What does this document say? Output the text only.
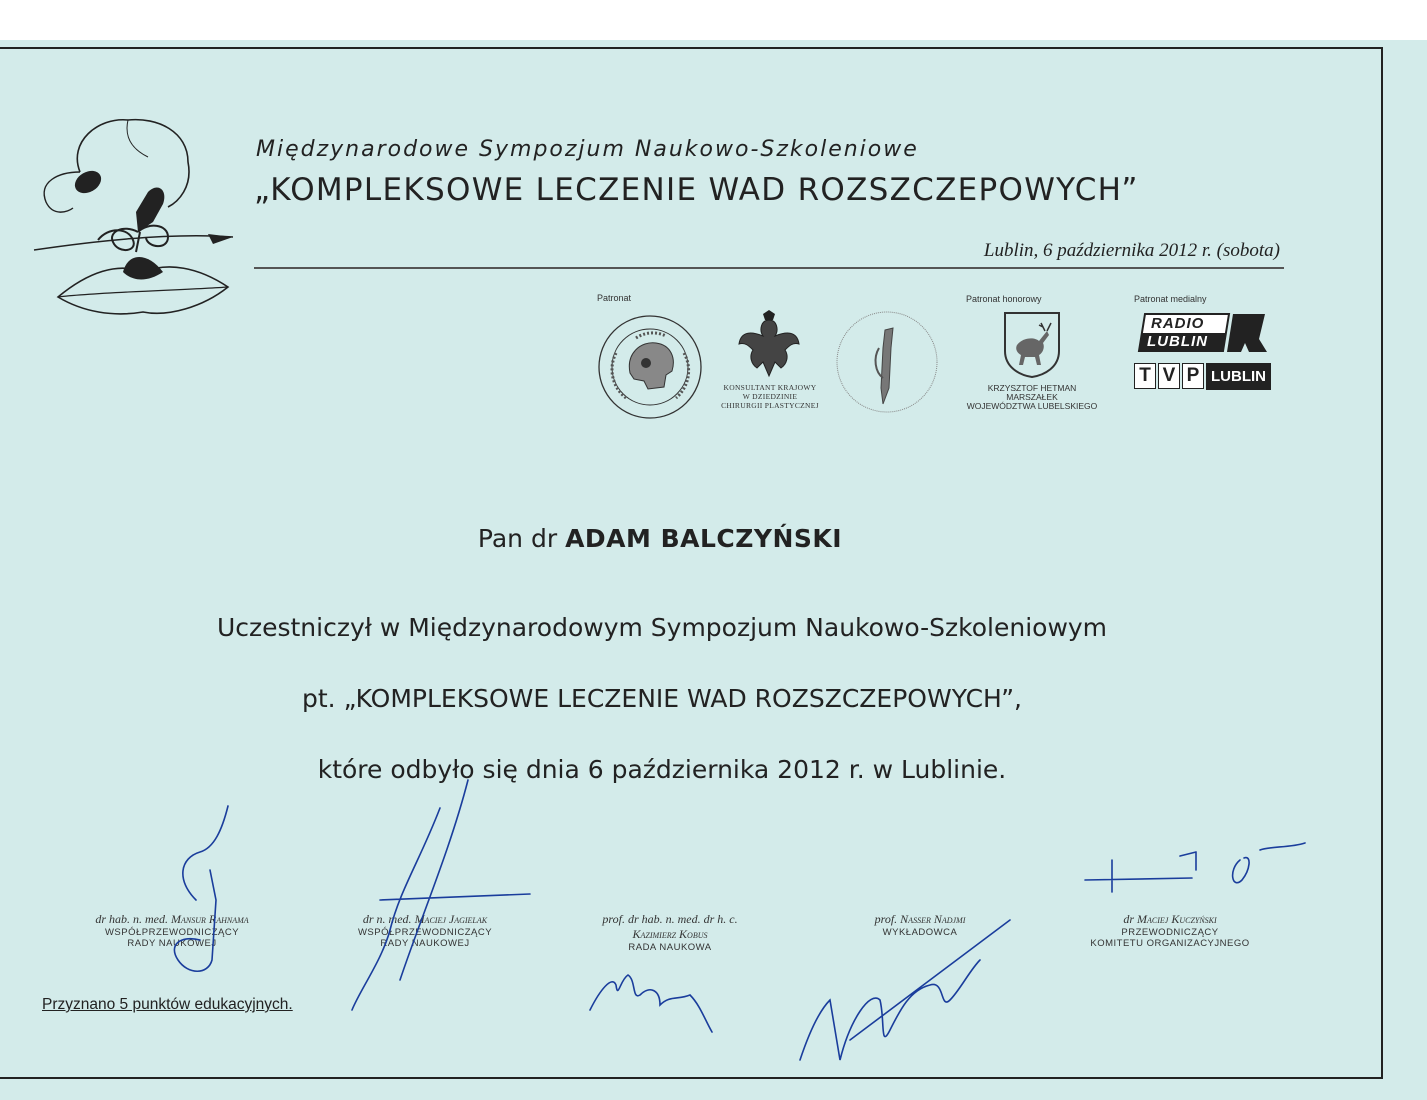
Międzynarodowe Sympozjum Naukowo-Szkoleniowe
„KOMPLEKSOWE LECZENIE WAD ROZSZCZEPOWYCH”
Lublin, 6 października 2012 r. (sobota)
Patronat	Patronat honorowy	Patronat medialny
KONSULTANT KRAJOWY
W DZIEDZINIE
CHIRURGII PLASTYCZNEJ
KRZYSZTOF HETMAN
MARSZAŁEK
WOJEWÓDZTWA LUBELSKIEGO
RADIO
LUBLIN
T V P LUBLIN
Pan dr ADAM BALCZYŃSKI
Uczestniczył w Międzynarodowym Sympozjum Naukowo-Szkoleniowym
pt. „KOMPLEKSOWE LECZENIE WAD ROZSZCZEPOWYCH”,
które odbyło się dnia 6 października 2012 r. w Lublinie.
dr hab. n. med. Mansur Rahnama
WSPÓŁPRZEWODNICZĄCY
RADY NAUKOWEJ
dr n. med. Maciej Jagielak
WSPÓŁPRZEWODNICZĄCY
RADY NAUKOWEJ
prof. dr hab. n. med. dr h. c.
Kazimierz Kobus
RADA NAUKOWA
prof. Nasser Nadjmi
WYKŁADOWCA
dr Maciej Kuczyński
PRZEWODNICZĄCY
KOMITETU ORGANIZACYJNEGO
Przyznano 5 punktów edukacyjnych.
